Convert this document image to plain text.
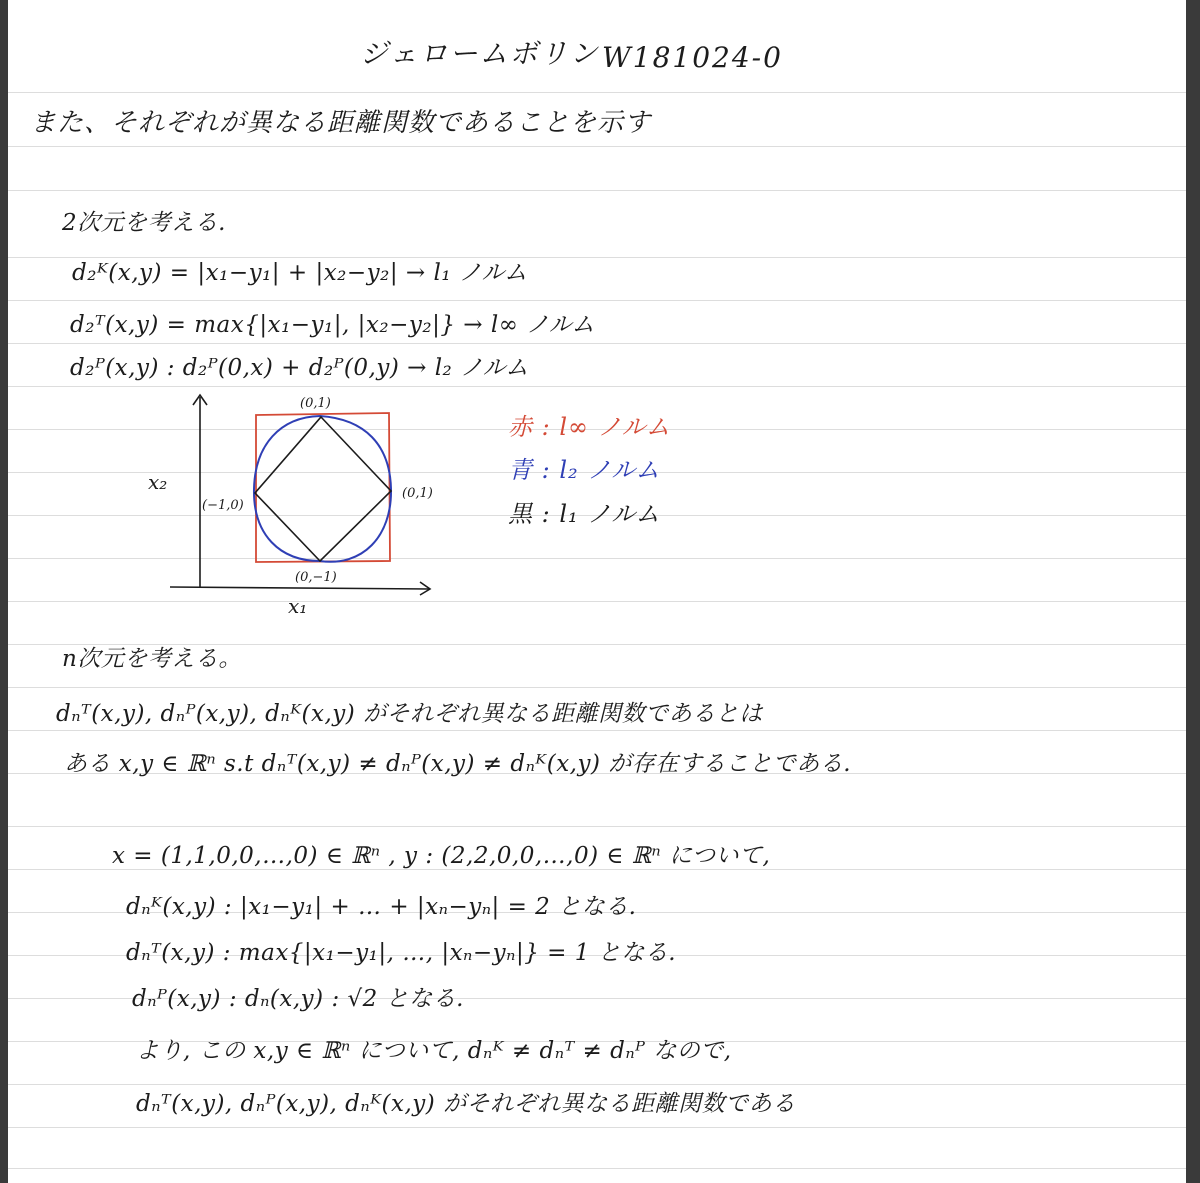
ジェロームボリン W181024-0
また、それぞれが異なる距離関数であることを示す
2次元を考える.
d₂ᴷ(x,y) = |x₁−y₁| + |x₂−y₂| → l₁ ノルム
d₂ᵀ(x,y) = max{|x₁−y₁|, |x₂−y₂|} → l∞ ノルム
d₂ᴾ(x,y) : d₂ᴾ(0,x) + d₂ᴾ(0,y) → l₂ ノルム
(0,1)
(0,1)
(0,−1)
(−1,0)
x₂
x₁
赤 : l∞ ノルム
青 : l₂ ノルム
黒 : l₁ ノルム
n次元を考える。
dₙᵀ(x,y), dₙᴾ(x,y), dₙᴷ(x,y) がそれぞれ異なる距離関数であるとは
ある x,y ∈ ℝⁿ s.t dₙᵀ(x,y) ≠ dₙᴾ(x,y) ≠ dₙᴷ(x,y) が存在することである.
x = (1,1,0,0,…,0) ∈ ℝⁿ , y : (2,2,0,0,…,0) ∈ ℝⁿ について,
dₙᴷ(x,y) : |x₁−y₁| + … + |xₙ−yₙ| = 2 となる.
dₙᵀ(x,y) : max{|x₁−y₁|, …, |xₙ−yₙ|} = 1 となる.
dₙᴾ(x,y) : dₙ(x,y) : √2 となる.
より, この x,y ∈ ℝⁿ について, dₙᴷ ≠ dₙᵀ ≠ dₙᴾ なので,
dₙᵀ(x,y), dₙᴾ(x,y), dₙᴷ(x,y) がそれぞれ異なる距離関数である
